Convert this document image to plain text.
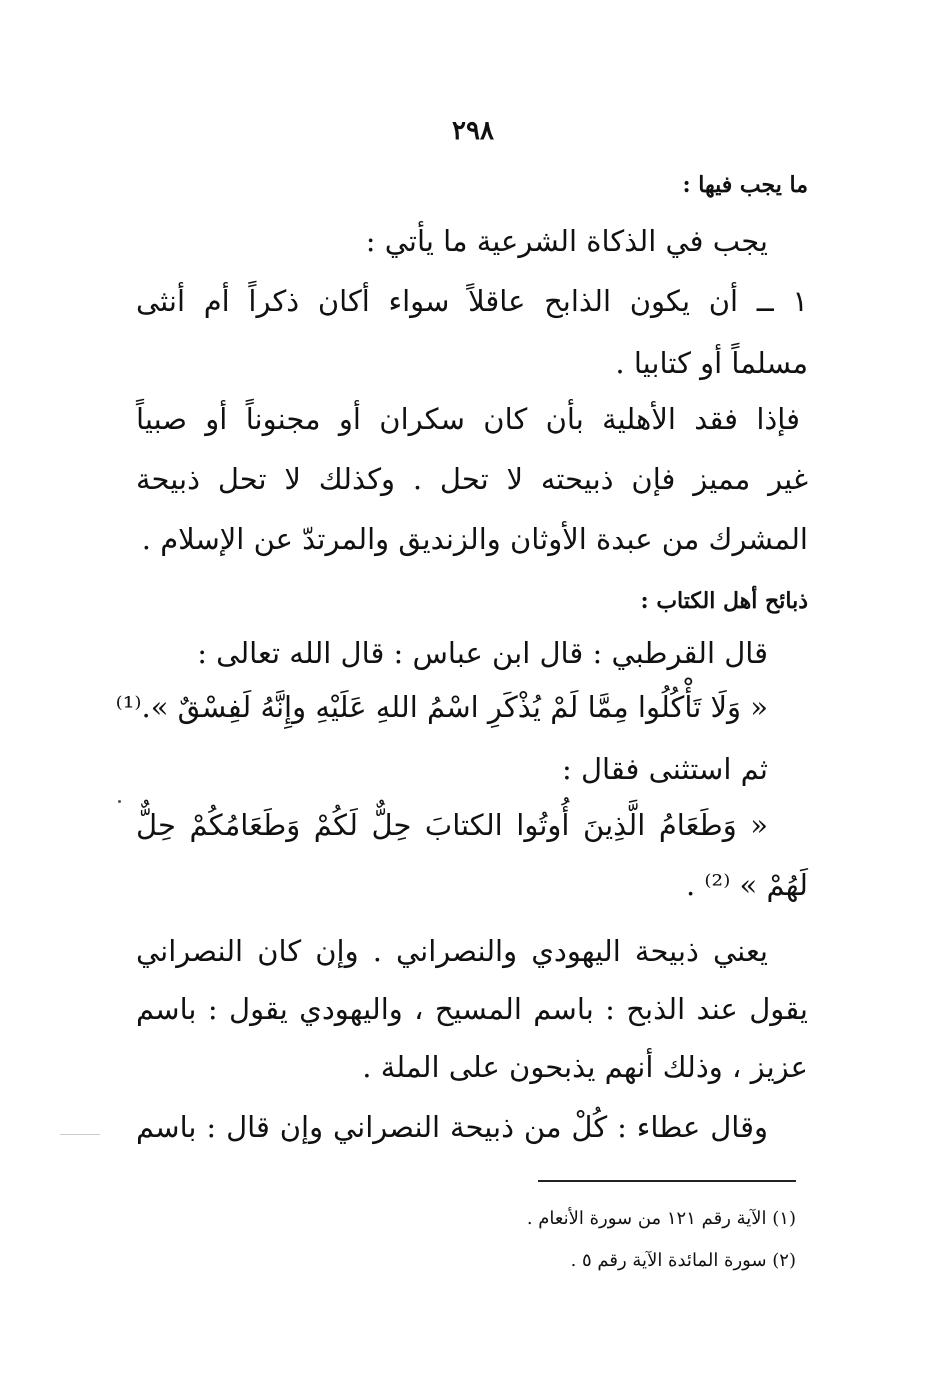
٢٩٨
ما يجب فيها :
يجب في الذكاة الشرعية ما يأتي :
١ ــ أن يكون الذابح عاقلاً سواء أكان ذكراً أم أنثى
مسلماً أو كتابيا .
فإذا فقد الأهلية بأن كان سكران أو مجنوناً أو صبياً
غير مميز فإن ذبيحته لا تحل . وكذلك لا تحل ذبيحة
المشرك من عبدة الأوثان والزنديق والمرتدّ عن الإسلام .
ذبائح أهل الكتاب :
قال القرطبي : قال ابن عباس : قال الله تعالى :
« وَلَا تَأْكُلُوا مِمَّا لَمْ يُذْكَرِ اسْمُ اللهِ عَلَيْهِ وإِنَّهُ لَفِسْقٌ ».⁽¹⁾
ثم استثنى فقال :
« وَطَعَامُ الَّذِينَ أُوتُوا الكتابَ حِلٌّ لَكُمْ وَطَعَامُكُمْ حِلٌّ
لَهُمْ » ⁽²⁾ .
يعني ذبيحة اليهودي والنصراني . وإن كان النصراني
يقول عند الذبح : باسم المسيح ، واليهودي يقول : باسم
عزيز ، وذلك أنهم يذبحون على الملة .
وقال عطاء : كُلْ من ذبيحة النصراني وإن قال : باسم
(١) الآية رقم ١٢١ من سورة الأنعام .
(٢) سورة المائدة الآية رقم ٥ .
